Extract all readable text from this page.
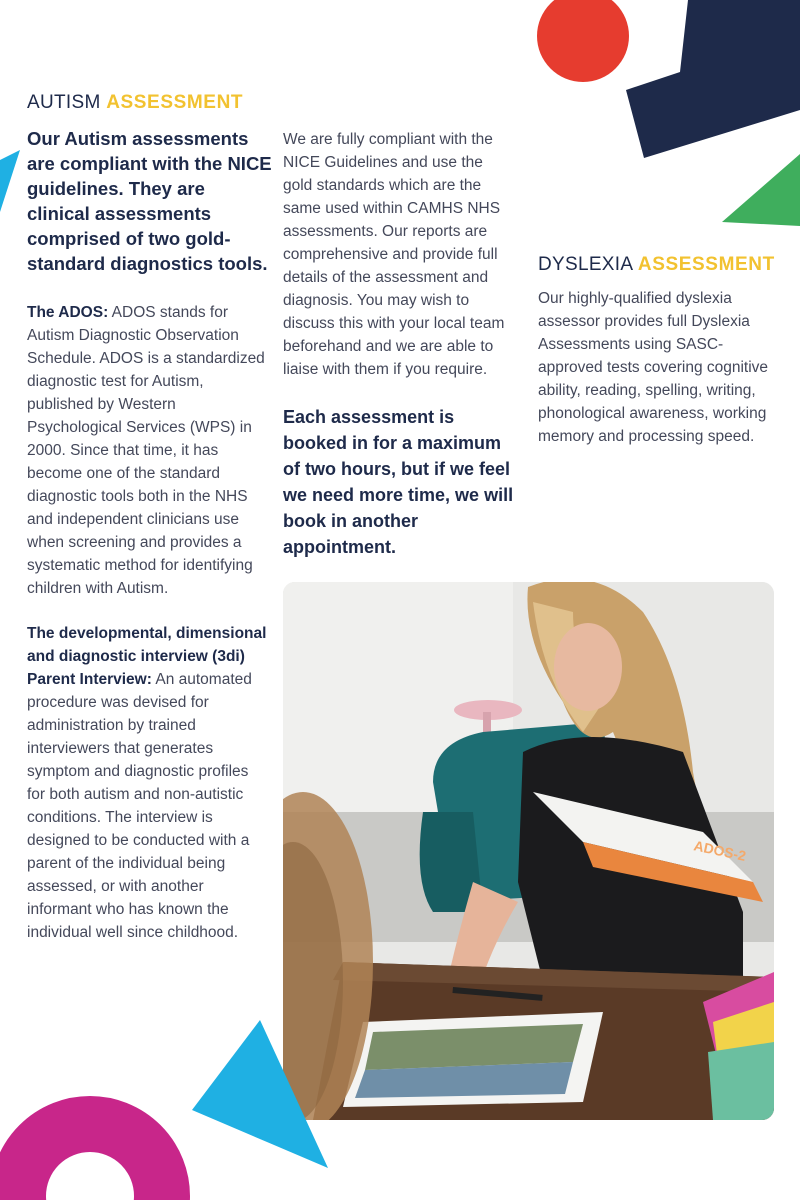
AUTISM ASSESSMENT

Our Autism assessments are compliant with the NICE guidelines. They are clinical assessments comprised of two gold-standard diagnostics tools.

The ADOS: ADOS stands for Autism Diagnostic Observation Schedule. ADOS is a standardized diagnostic test for Autism, published by Western Psychological Services (WPS) in 2000. Since that time, it has become one of the standard diagnostic tools both in the NHS and independent clinicians use when screening and provides a systematic method for identifying children with Autism.

The developmental, dimensional and diagnostic interview (3di) Parent Interview: An automated procedure was devised for administration by trained interviewers that generates symptom and diagnostic profiles for both autism and non-autistic conditions. The interview is designed to be conducted with a parent of the individual being assessed, or with another informant who has known the individual well since childhood.

We are fully compliant with the NICE Guidelines and use the gold standards which are the same used within CAMHS NHS assessments. Our reports are comprehensive and provide full details of the assessment and diagnosis. You may wish to discuss this with your local team beforehand and we are able to liaise with them if you require.

Each assessment is booked in for a maximum of two hours, but if we feel we need more time, we will book in another appointment.

DYSLEXIA ASSESSMENT

Our highly-qualified dyslexia assessor provides full Dyslexia Assessments using SASC- approved tests covering cognitive ability, reading, spelling, writing, phonological awareness, working memory and processing speed.

ADOS-2
